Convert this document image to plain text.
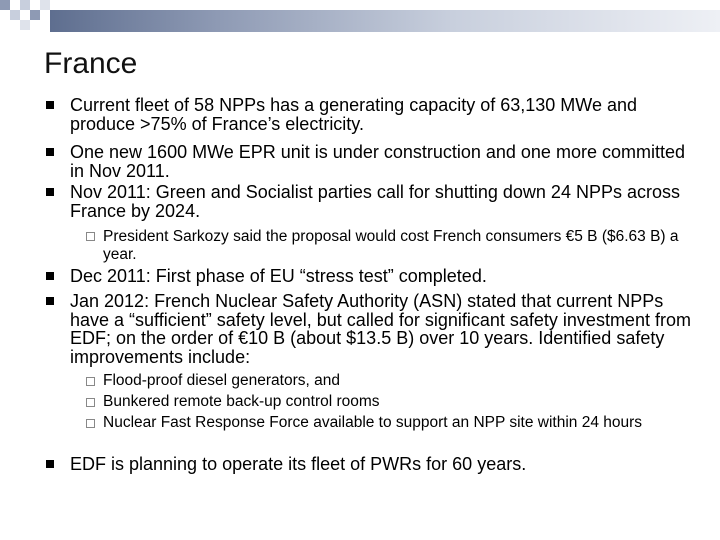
France
Current fleet of 58 NPPs has a generating capacity of 63,130 MWe and produce >75% of France’s electricity.
One new 1600 MWe EPR unit is under construction and one more committed in Nov 2011.
Nov 2011: Green and Socialist parties call for shutting down 24 NPPs across France by 2024.
President Sarkozy said the proposal would cost French consumers €5 B ($6.63 B) a year.
Dec 2011: First phase of EU “stress test” completed.
Jan 2012: French Nuclear Safety Authority (ASN) stated that current NPPs have a “sufficient” safety level, but called for significant safety investment from EDF; on the order of €10 B (about $13.5 B) over 10 years. Identified safety improvements include:
Flood-proof diesel generators, and
Bunkered remote back-up control rooms
Nuclear Fast Response Force available to support an NPP site within 24 hours
EDF is planning to operate its fleet of PWRs for 60 years.
